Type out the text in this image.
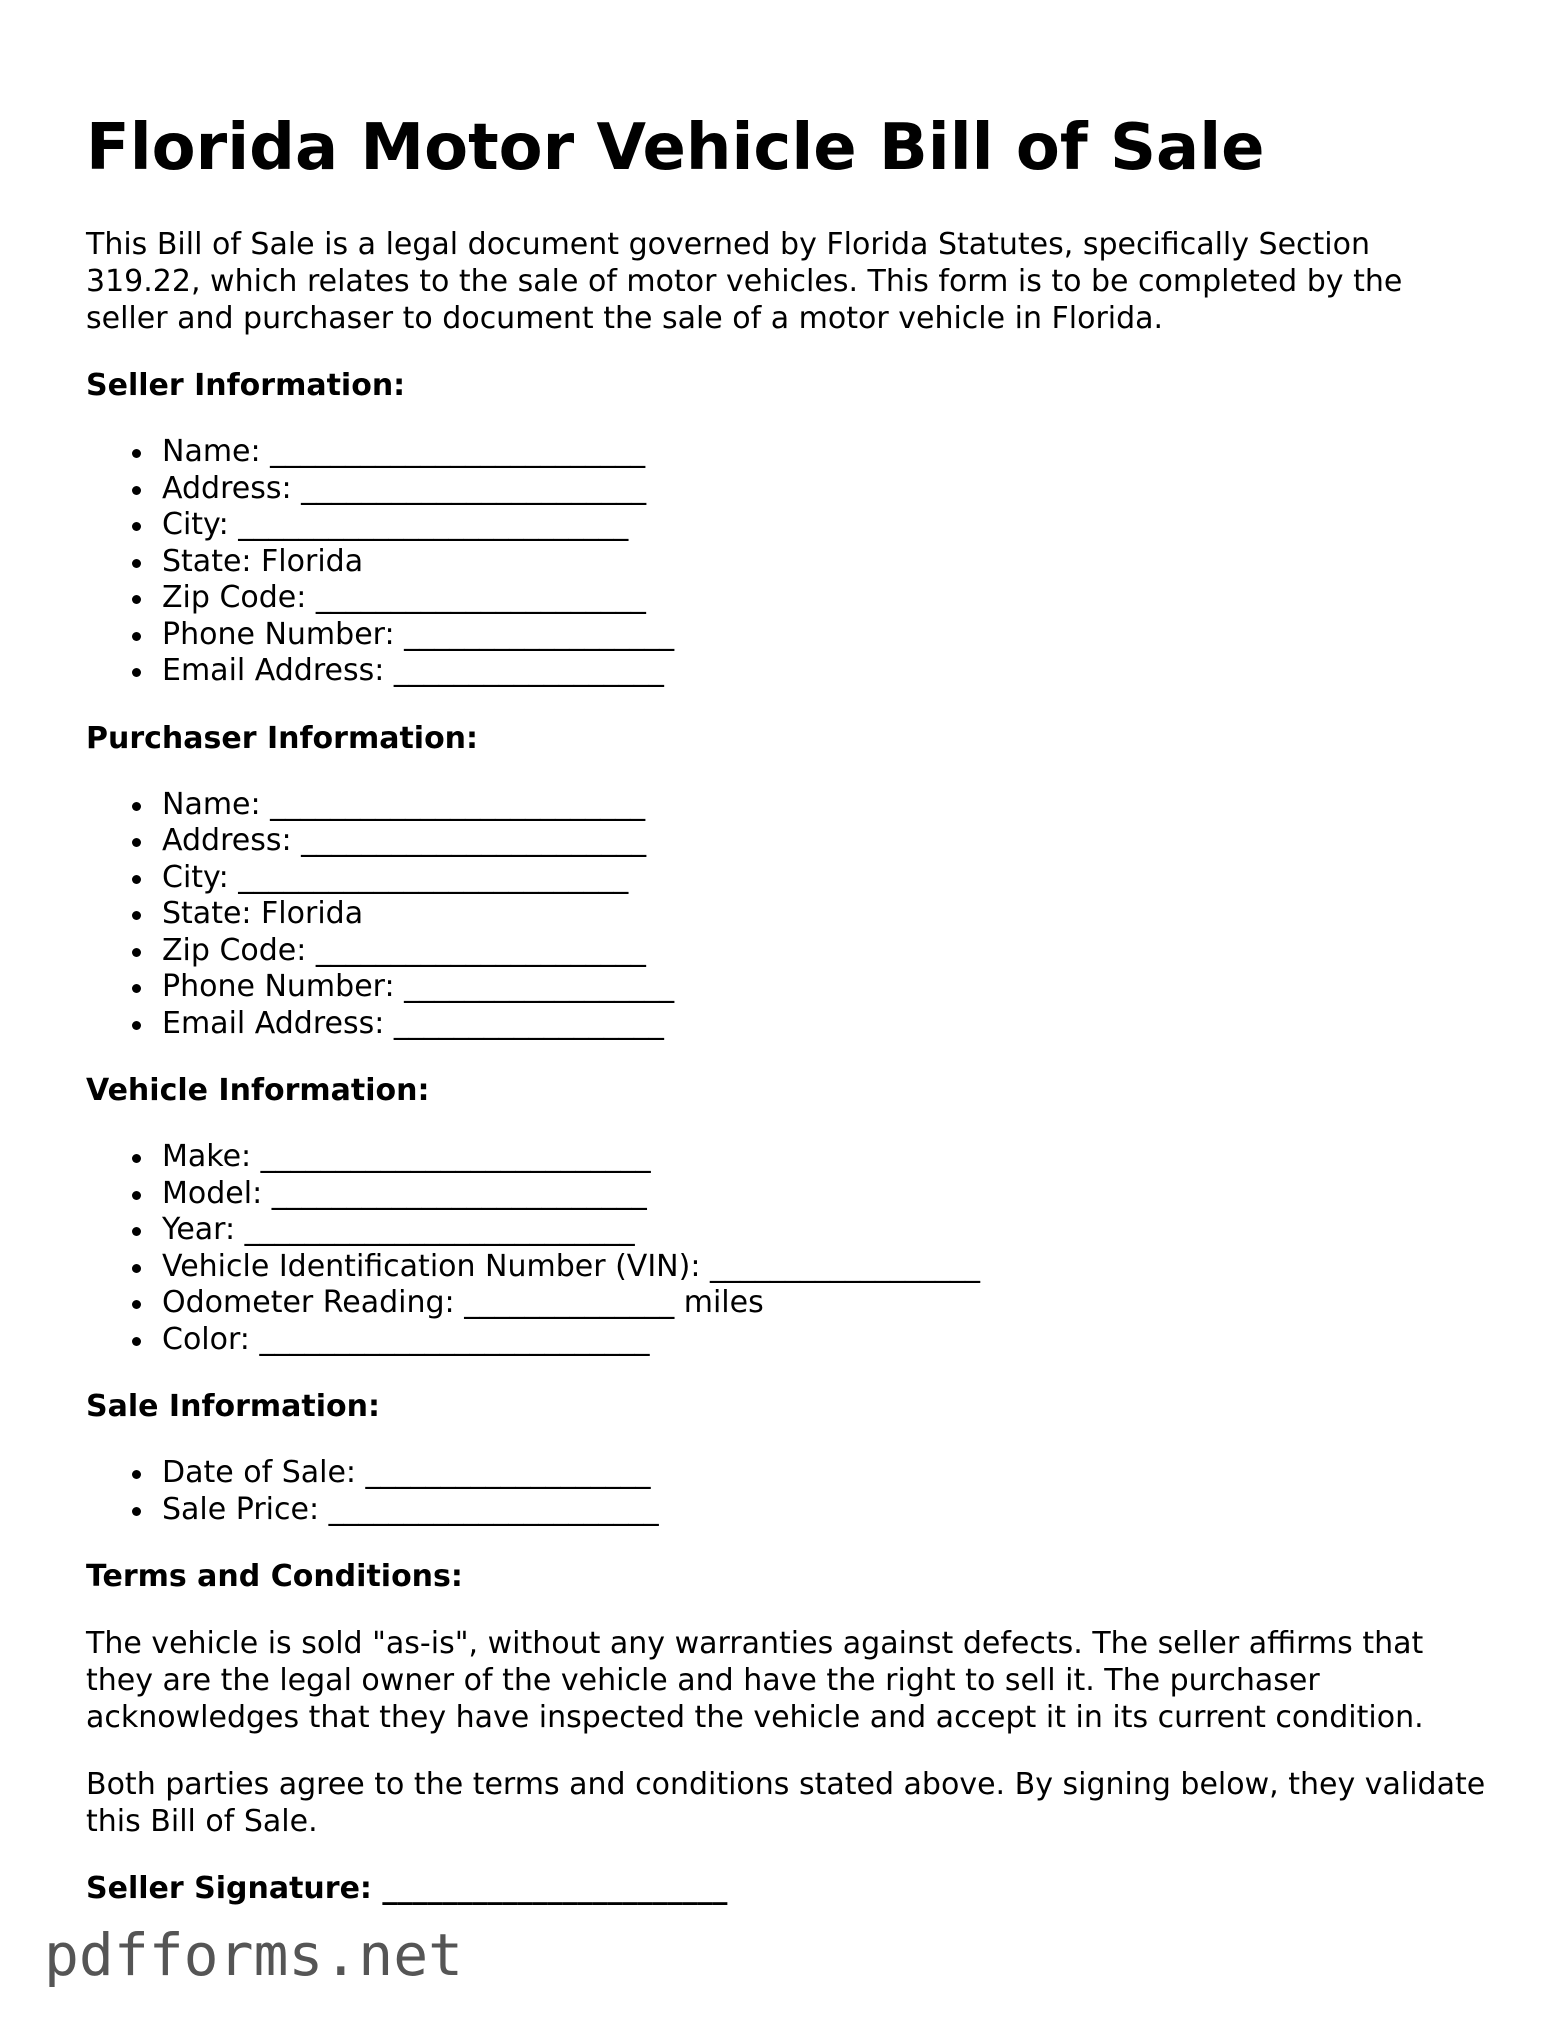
Florida Motor Vehicle Bill of Sale

This Bill of Sale is a legal document governed by Florida Statutes, specifically Section 319.22, which relates to the sale of motor vehicles. This form is to be completed by the seller and purchaser to document the sale of a motor vehicle in Florida.

Seller Information:
Name: _________________________
Address: _______________________
City: __________________________
State: Florida
Zip Code: ______________________
Phone Number: __________________
Email Address: __________________
Purchaser Information:
Name: _________________________
Address: _______________________
City: __________________________
State: Florida
Zip Code: ______________________
Phone Number: __________________
Email Address: __________________
Vehicle Information:
Make: __________________________
Model: _________________________
Year: __________________________
Vehicle Identification Number (VIN): __________________
Odometer Reading: ______________ miles
Color: __________________________
Sale Information:
Date of Sale: ___________________
Sale Price: ______________________
Terms and Conditions:

The vehicle is sold "as-is", without any warranties against defects. The seller affirms that they are the legal owner of the vehicle and have the right to sell it. The purchaser acknowledges that they have inspected the vehicle and accept it in its current condition.

Both parties agree to the terms and conditions stated above. By signing below, they validate this Bill of Sale.

Seller Signature: _______________________
pdfforms.net
